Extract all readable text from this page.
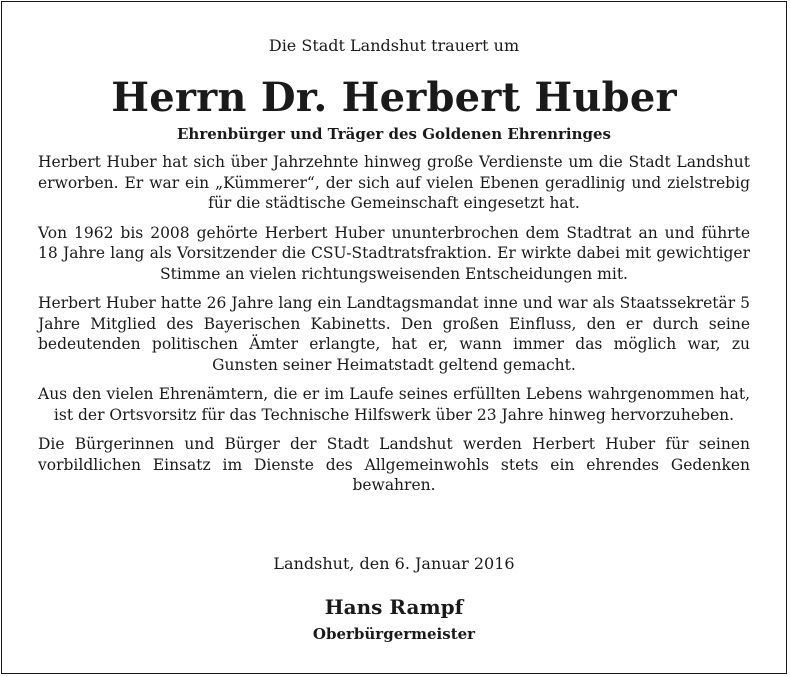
Die Stadt Landshut trauert um
Herrn Dr. Herbert Huber
Ehrenbürger und Träger des Goldenen Ehrenringes

Herbert Huber hat sich über Jahrzehnte hinweg große Verdienste um die Stadt Landshut erworben. Er war ein „Kümmerer“, der sich auf vielen Ebenen geradlinig und zielstrebig für die städtische Gemeinschaft eingesetzt hat.

Von 1962 bis 2008 gehörte Herbert Huber ununterbrochen dem Stadtrat an und führte 18 Jahre lang als Vorsitzender die CSU-Stadtratsfraktion. Er wirkte dabei mit gewichtiger Stimme an vielen richtungsweisenden Entscheidungen mit.

Herbert Huber hatte 26 Jahre lang ein Landtagsmandat inne und war als Staatssekretär 5 Jahre Mitglied des Bayerischen Kabinetts. Den großen Einfluss, den er durch seine bedeutenden politischen Ämter erlangte, hat er, wann immer das möglich war, zu Gunsten seiner Heimatstadt geltend gemacht.

Aus den vielen Ehrenämtern, die er im Laufe seines erfüllten Lebens wahrgenommen hat, ist der Ortsvorsitz für das Technische Hilfswerk über 23 Jahre hinweg hervorzuheben.

Die Bürgerinnen und Bürger der Stadt Landshut werden Herbert Huber für seinen vorbildlichen Einsatz im Dienste des Allgemeinwohls stets ein ehrendes Gedenken bewahren.

Landshut, den 6. Januar 2016
Hans Rampf
Oberbürgermeister
